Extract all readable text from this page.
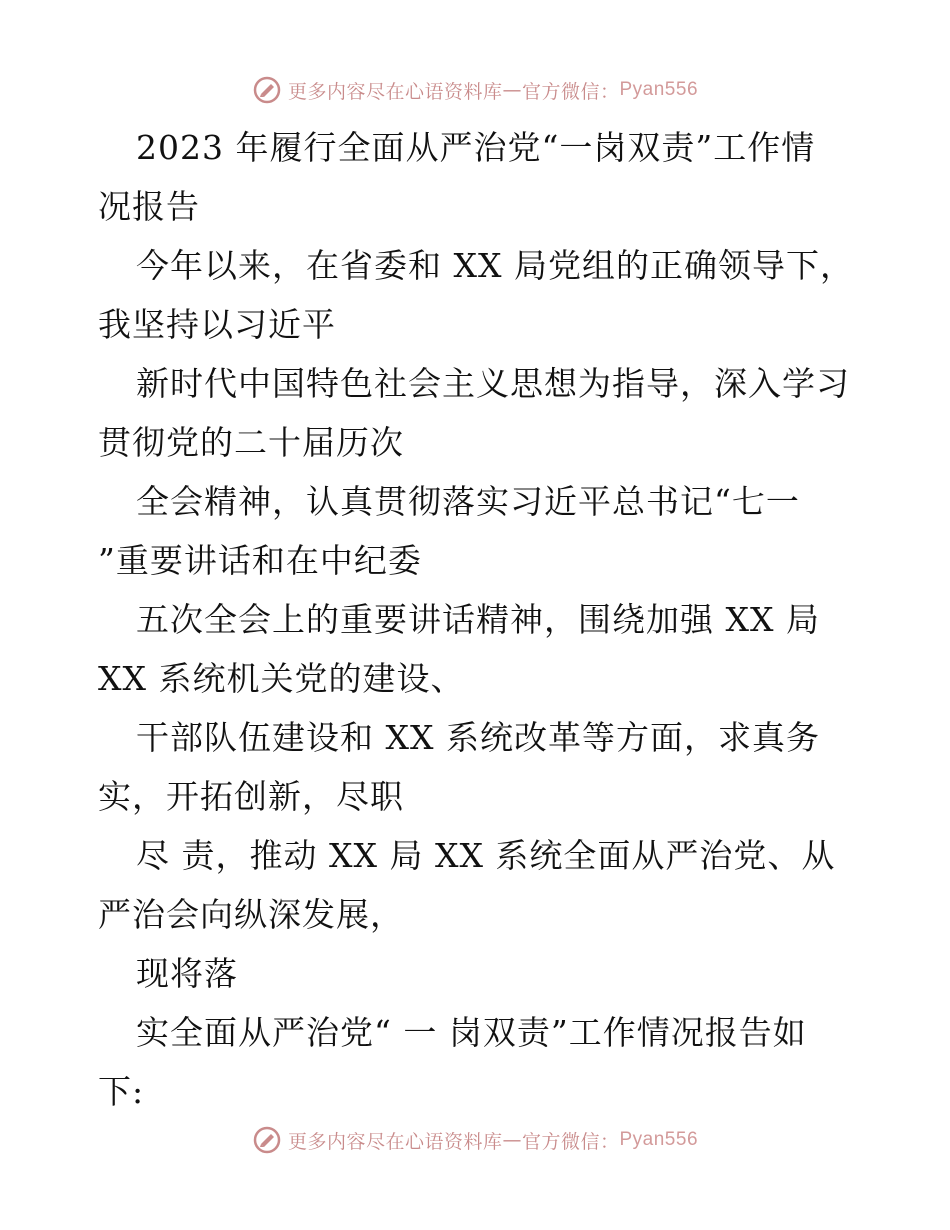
更多内容尽在心语资料库 — 官方微信： Pyan556
2023 年履行全面从严治党“一岗双责”工作情
况报告
今年以来，在省委和 XX 局党组的正确领导下，
我坚持以习近平
新时代中国特色社会主义思想为指导，深入学习
贯彻党的二十届历次
全会精神，认真贯彻落实习近平总书记“七一
”重要讲话和在中纪委
五次全会上的重要讲话精神，围绕加强 XX 局
XX 系统机关党的建设、
干部队伍建设和 XX 系统改革等方面，求真务
实，开拓创新，尽职
尽 责，推动 XX 局 XX 系统全面从严治党、从
严治会向纵深发展，
现将落
实全面从严治党“ 一 岗双责”工作情况报告如
下:
更多内容尽在心语资料库 — 官方微信： Pyan556
